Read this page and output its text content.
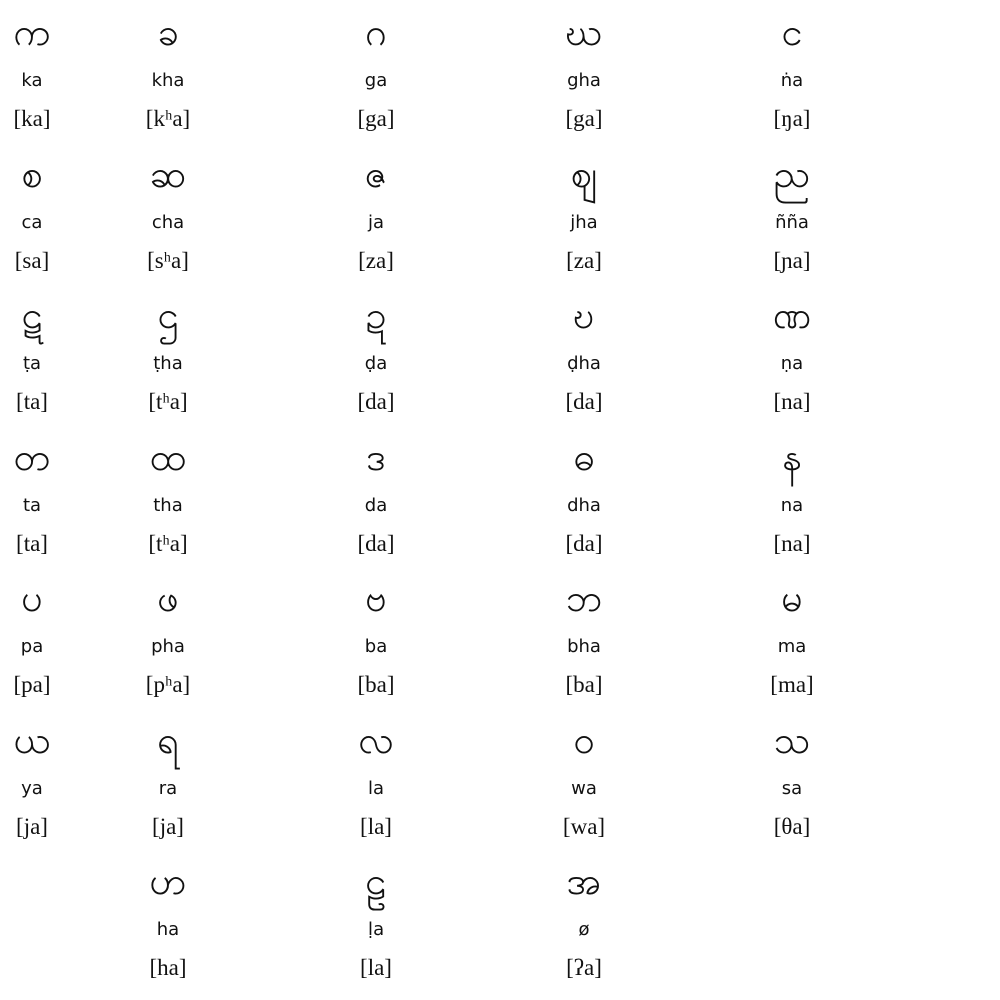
က
ka
[ka]
ခ
kha
[kʰa]
ဂ
ga
[ga]
ဃ
gha
[ga]
င
ṅa
[ŋa]
စ
ca
[sa]
ဆ
cha
[sʰa]
ဇ
ja
[za]
ဈ
jha
[za]
ည
ñña
[ɲa]
ဋ
ṭa
[ta]
ဌ
ṭha
[tʰa]
ဍ
ḍa
[da]
ဎ
ḍha
[da]
ဏ
ṇa
[na]
တ
ta
[ta]
ထ
tha
[tʰa]
ဒ
da
[da]
ဓ
dha
[da]
န
na
[na]
ပ
pa
[pa]
ဖ
pha
[pʰa]
ဗ
ba
[ba]
ဘ
bha
[ba]
မ
ma
[ma]
ယ
ya
[ja]
ရ
ra
[ja]
လ
la
[la]
ဝ
wa
[wa]
သ
sa
[θa]
ဟ
ha
[ha]
ဠ
ḷa
[la]
အ
ø
[ʔa]
